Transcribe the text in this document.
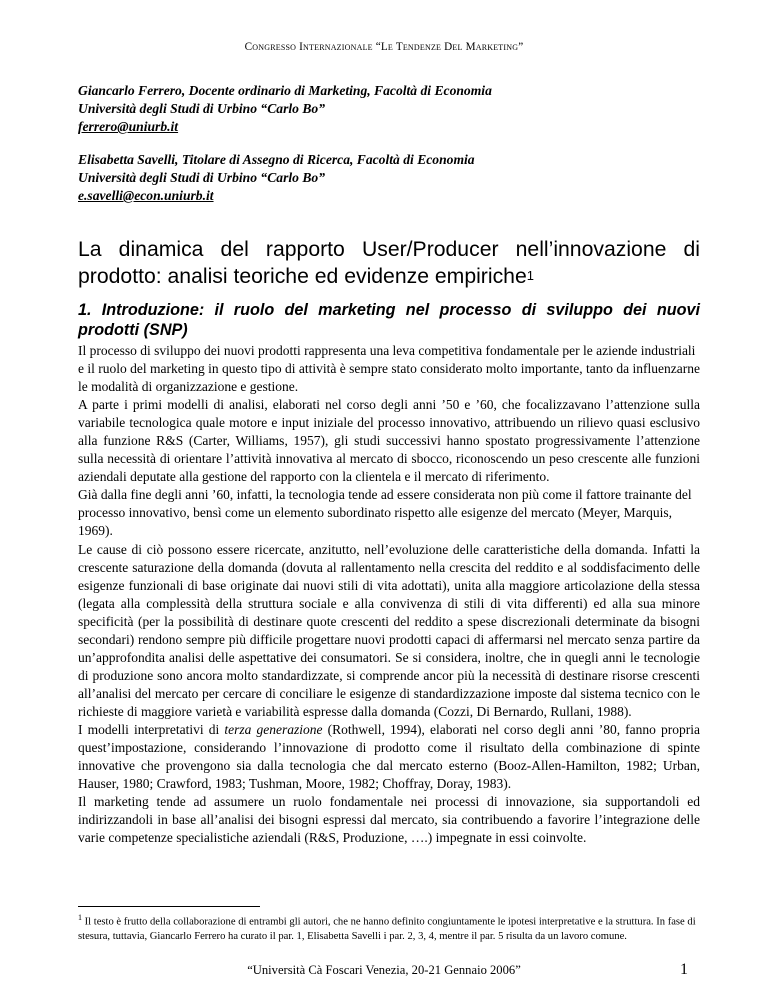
Congresso Internazionale “Le Tendenze Del Marketing”
Giancarlo Ferrero, Docente ordinario di Marketing, Facoltà di Economia
Università degli Studi di Urbino “Carlo Bo”
ferrero@uniurb.it
Elisabetta Savelli, Titolare di Assegno di Ricerca, Facoltà di Economia
Università degli Studi di Urbino “Carlo Bo”
e.savelli@econ.uniurb.it
La dinamica del rapporto User/Producer nell’innovazione di prodotto: analisi teoriche ed evidenze empiriche$^1$
1. Introduzione: il ruolo del marketing nel processo di sviluppo dei nuovi prodotti (SNP)

Il processo di sviluppo dei nuovi prodotti rappresenta una leva competitiva fondamentale per le aziende industriali e il ruolo del marketing in questo tipo di attività è sempre stato considerato molto importante, tanto da influenzarne le modalità di organizzazione e gestione.

A parte i primi modelli di analisi, elaborati nel corso degli anni ’50 e ’60, che focalizzavano l’attenzione sulla variabile tecnologica quale motore e input iniziale del processo innovativo, attribuendo un rilievo quasi esclusivo alla funzione R&S (Carter, Williams, 1957), gli studi successivi hanno spostato progressivamente l’attenzione sulla necessità di orientare l’attività innovativa al mercato di sbocco, riconoscendo un peso crescente alle funzioni aziendali deputate alla gestione del rapporto con la clientela e il mercato di riferimento.

Già dalla fine degli anni ’60, infatti, la tecnologia tende ad essere considerata non più come il fattore trainante del processo innovativo, bensì come un elemento subordinato rispetto alle esigenze del mercato (Meyer, Marquis, 1969).

Le cause di ciò possono essere ricercate, anzitutto, nell’evoluzione delle caratteristiche della domanda. Infatti la crescente saturazione della domanda (dovuta al rallentamento nella crescita del reddito e al soddisfacimento delle esigenze funzionali di base originate dai nuovi stili di vita adottati), unita alla maggiore articolazione della stessa (legata alla complessità della struttura sociale e alla convivenza di stili di vita differenti) ed alla sua minore specificità (per la possibilità di destinare quote crescenti del reddito a spese discrezionali determinate da bisogni secondari) rendono sempre più difficile progettare nuovi prodotti capaci di affermarsi nel mercato senza partire da un’approfondita analisi delle aspettative dei consumatori. Se si considera, inoltre, che in quegli anni le tecnologie di produzione sono ancora molto standardizzate, si comprende ancor più la necessità di destinare risorse crescenti all’analisi del mercato per cercare di conciliare le esigenze di standardizzazione imposte dal sistema tecnico con le richieste di maggiore varietà e variabilità espresse dalla domanda (Cozzi, Di Bernardo, Rullani, 1988).

I modelli interpretativi di terza generazione (Rothwell, 1994), elaborati nel corso degli anni ’80, fanno propria quest’impostazione, considerando l’innovazione di prodotto come il risultato della combinazione di spinte innovative che provengono sia dalla tecnologia che dal mercato esterno (Booz-Allen-Hamilton, 1982; Urban, Hauser, 1980; Crawford, 1983; Tushman, Moore, 1982; Choffray, Doray, 1983).

Il marketing tende ad assumere un ruolo fondamentale nei processi di innovazione, sia supportandoli ed indirizzandoli in base all’analisi dei bisogni espressi dal mercato, sia contribuendo a favorire l’integrazione delle varie competenze specialistiche aziendali (R&S, Produzione, ….) impegnate in essi coinvolte.

$^1$ Il testo è frutto della collaborazione di entrambi gli autori, che ne hanno definito congiuntamente le ipotesi interpretative e la struttura. In fase di stesura, tuttavia, Giancarlo Ferrero ha curato il par. 1, Elisabetta Savelli i par. 2, 3, 4, mentre il par. 5 risulta da un lavoro comune.
“Università Cà Foscari Venezia, 20-21 Gennaio 2006”	1
